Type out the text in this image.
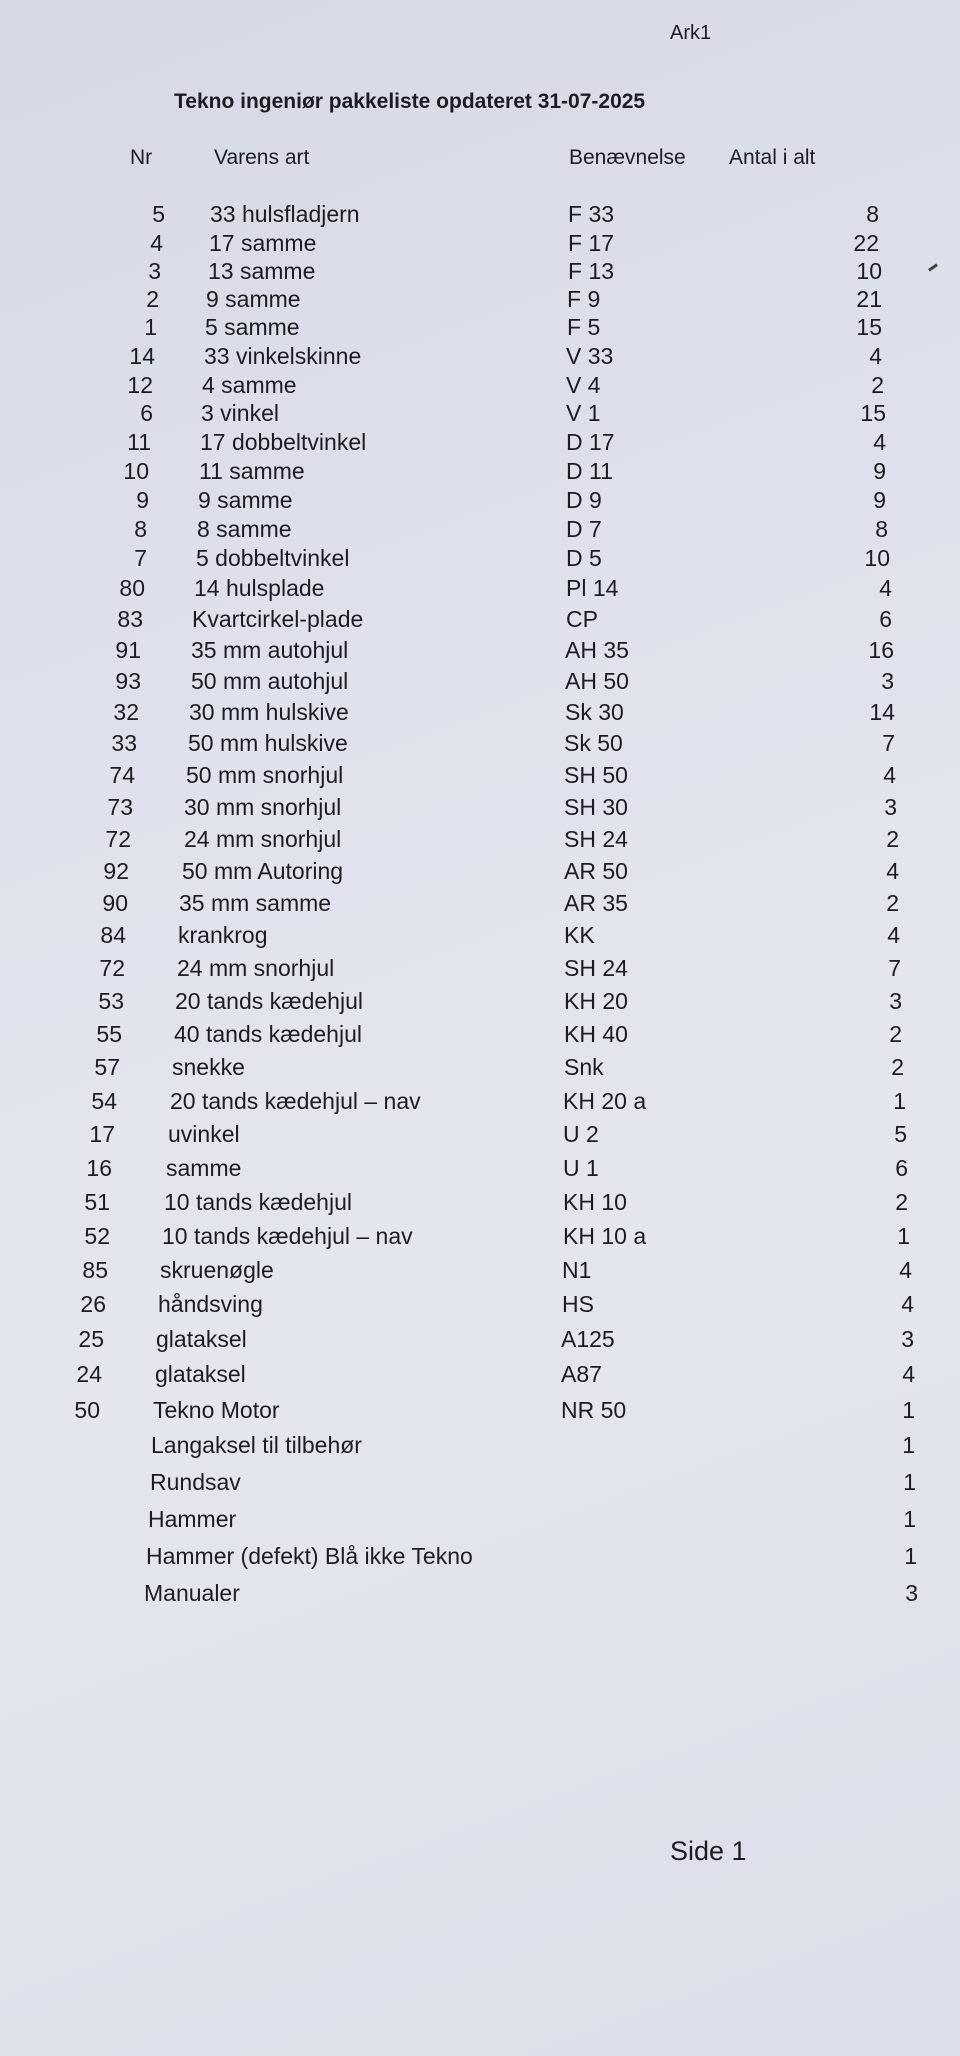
Ark1
Tekno ingeniør pakkeliste opdateret 31-07-2025
Nr	Varens art	Benævnelse Antal i alt
5 33 hulsfladjern	F 33	8
4 17 samme	F 17	22
3 13 samme	F 13	10
2 9 samme	F 9	21
1 5 samme	F 5	15
14 33 vinkelskinne	V 33	4
12 4 samme	V 4	2
6 3 vinkel	V 1	15
11 17 dobbeltvinkel	D 17	4
10 11 samme	D 11	9
9 9 samme	D 9	9
8 8 samme	D 7	8
7 5 dobbeltvinkel	D 5	10
80 14 hulsplade	Pl 14	4
83 Kvartcirkel-plade	CP	6
91 35 mm autohjul	AH 35	16
93 50 mm autohjul	AH 50	3
32 30 mm hulskive	Sk 30	14
33 50 mm hulskive	Sk 50	7
74 50 mm snorhjul	SH 50	4
73 30 mm snorhjul	SH 30	3
72 24 mm snorhjul	SH 24	2
92 50 mm Autoring	AR 50	4
90 35 mm samme	AR 35	2
84 krankrog	KK	4
72 24 mm snorhjul	SH 24	7
53 20 tands kædehjul	KH 20	3
55 40 tands kædehjul	KH 40	2
57 snekke	Snk	2
54 20 tands kædehjul – nav	KH 20 a	1
17 uvinkel	U 2	5
16 samme	U 1	6
51 10 tands kædehjul	KH 10	2
52 10 tands kædehjul – nav	KH 10 a	1
85 skruenøgle	N1	4
26 håndsving	HS	4
25 glataksel	A125	3
24 glataksel	A87	4
50 Tekno Motor	NR 50	1
Langaksel til tilbehør	1
Rundsav	1
Hammer	1
Hammer (defekt) Blå ikke Tekno	1
Manualer	3
Side 1
